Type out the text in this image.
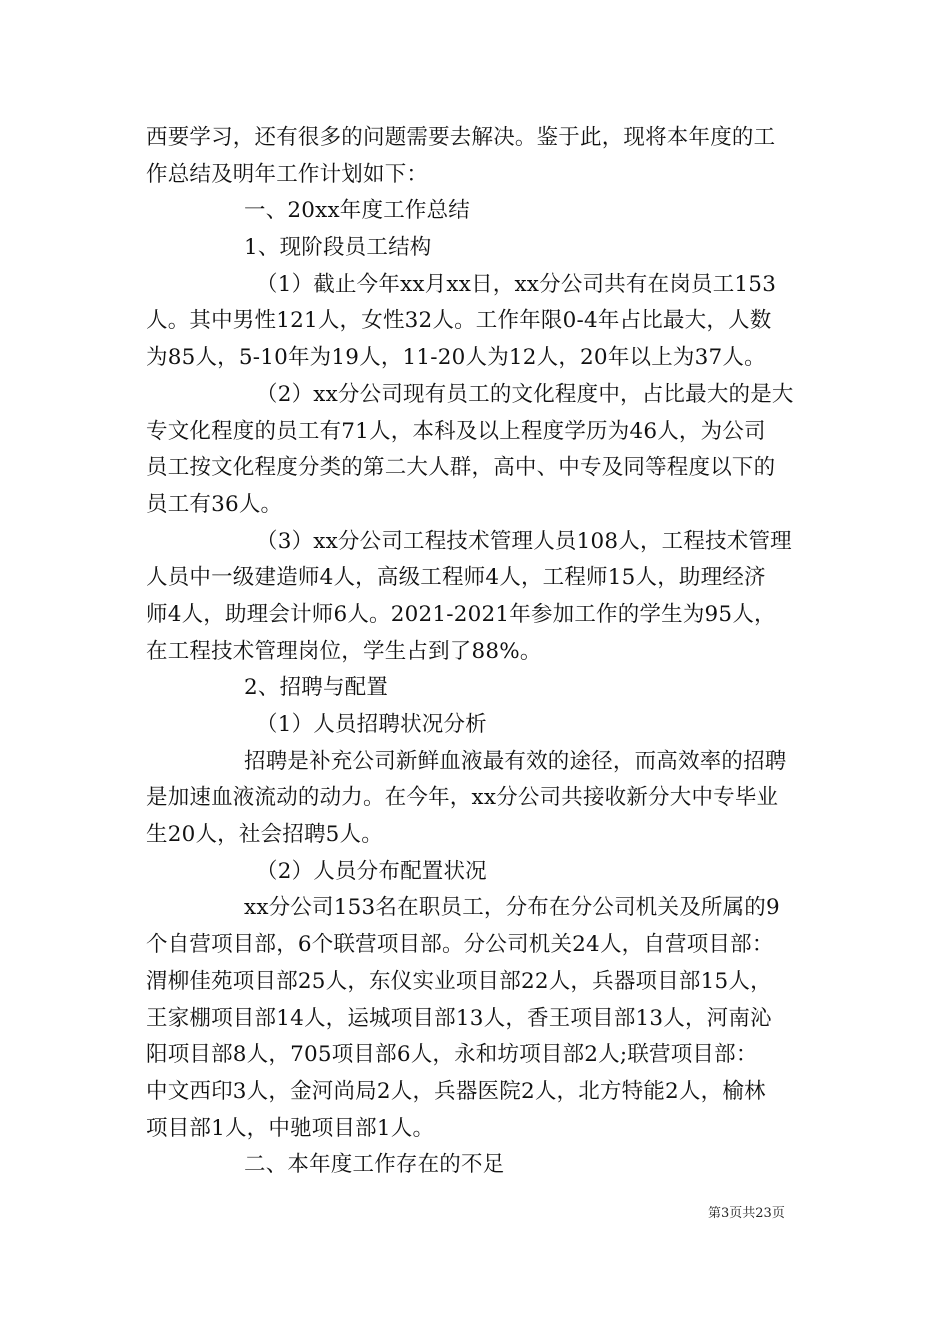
西要学习，还有很多的问题需要去解决。鉴于此，现将本年度的工
作总结及明年工作计划如下：
一、20xx年度工作总结
1、现阶段员工结构
（1）截止今年xx月xx日，xx分公司共有在岗员工153
人。其中男性121人，女性32人。工作年限0-4年占比最大，人数
为85人，5-10年为19人，11-20人为12人，20年以上为37人。
（2）xx分公司现有员工的文化程度中，占比最大的是大
专文化程度的员工有71人，本科及以上程度学历为46人，为公司
员工按文化程度分类的第二大人群，高中、中专及同等程度以下的
员工有36人。
（3）xx分公司工程技术管理人员108人，工程技术管理
人员中一级建造师4人，高级工程师4人，工程师15人，助理经济
师4人，助理会计师6人。2021-2021年参加工作的学生为95人，
在工程技术管理岗位，学生占到了88%。
2、招聘与配置
（1）人员招聘状况分析
招聘是补充公司新鲜血液最有效的途径，而高效率的招聘
是加速血液流动的动力。在今年，xx分公司共接收新分大中专毕业
生20人，社会招聘5人。
（2）人员分布配置状况
xx分公司153名在职员工，分布在分公司机关及所属的9
个自营项目部，6个联营项目部。分公司机关24人，自营项目部：
渭柳佳苑项目部25人，东仪实业项目部22人，兵器项目部15人，
王家棚项目部14人，运城项目部13人，香王项目部13人，河南沁
阳项目部8人，705项目部6人，永和坊项目部2人;联营项目部：
中文西印3人，金河尚局2人，兵器医院2人，北方特能2人，榆林
项目部1人，中驰项目部1人。
二、本年度工作存在的不足
第3页共23页
